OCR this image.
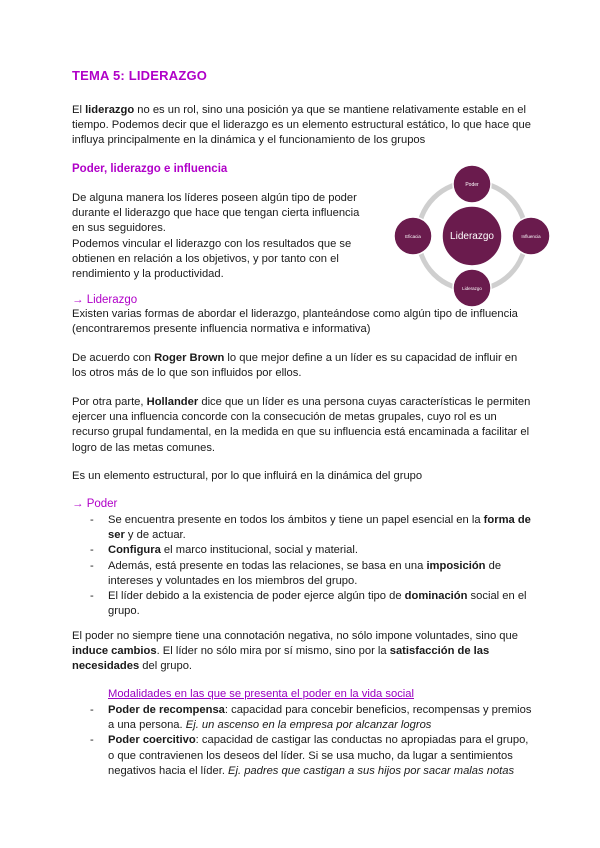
TEMA 5: LIDERAZGO
El liderazgo no es un rol, sino una posición ya que se mantiene relativamente estable en el tiempo. Podemos decir que el liderazgo es un elemento estructural estático, lo que hace que influya principalmente en la dinámica y el funcionamiento de los grupos
Poder, liderazgo e influencia
De alguna manera los líderes poseen algún tipo de poder durante el liderazgo que hace que tengan cierta influencia en sus seguidores.
Podemos vincular el liderazgo con los resultados que se obtienen en relación a los objetivos, y por tanto con el rendimiento y la productividad.
Liderazgo
Poder
Influencia
Liderazgo
Eficacia
→ Liderazgo
Existen varias formas de abordar el liderazgo, planteándose como algún tipo de influencia (encontraremos presente influencia normativa e informativa)
De acuerdo con Roger Brown lo que mejor define a un líder es su capacidad de influir en los otros más de lo que son influidos por ellos.
Por otra parte, Hollander dice que un líder es una persona cuyas características le permiten ejercer una influencia concorde con la consecución de metas grupales, cuyo rol es un recurso grupal fundamental, en la medida en que su influencia está encaminada a facilitar el logro de las metas comunes.
Es un elemento estructural, por lo que influirá en la dinámica del grupo
→ Poder
- Se encuentra presente en todos los ámbitos y tiene un papel esencial en la forma de ser y de actuar.
- Configura el marco institucional, social y material.
- Además, está presente en todas las relaciones, se basa en una imposición de intereses y voluntades en los miembros del grupo.
- El líder debido a la existencia de poder ejerce algún tipo de dominación social en el grupo.
El poder no siempre tiene una connotación negativa, no sólo impone voluntades, sino que induce cambios. El líder no sólo mira por sí mismo, sino por la satisfacción de las necesidades del grupo.
Modalidades en las que se presenta el poder en la vida social
- Poder de recompensa: capacidad para concebir beneficios, recompensas y premios a una persona. Ej. un ascenso en la empresa por alcanzar logros
- Poder coercitivo: capacidad de castigar las conductas no apropiadas para el grupo, o que contravienen los deseos del líder. Si se usa mucho, da lugar a sentimientos negativos hacia el líder. Ej. padres que castigan a sus hijos por sacar malas notas
